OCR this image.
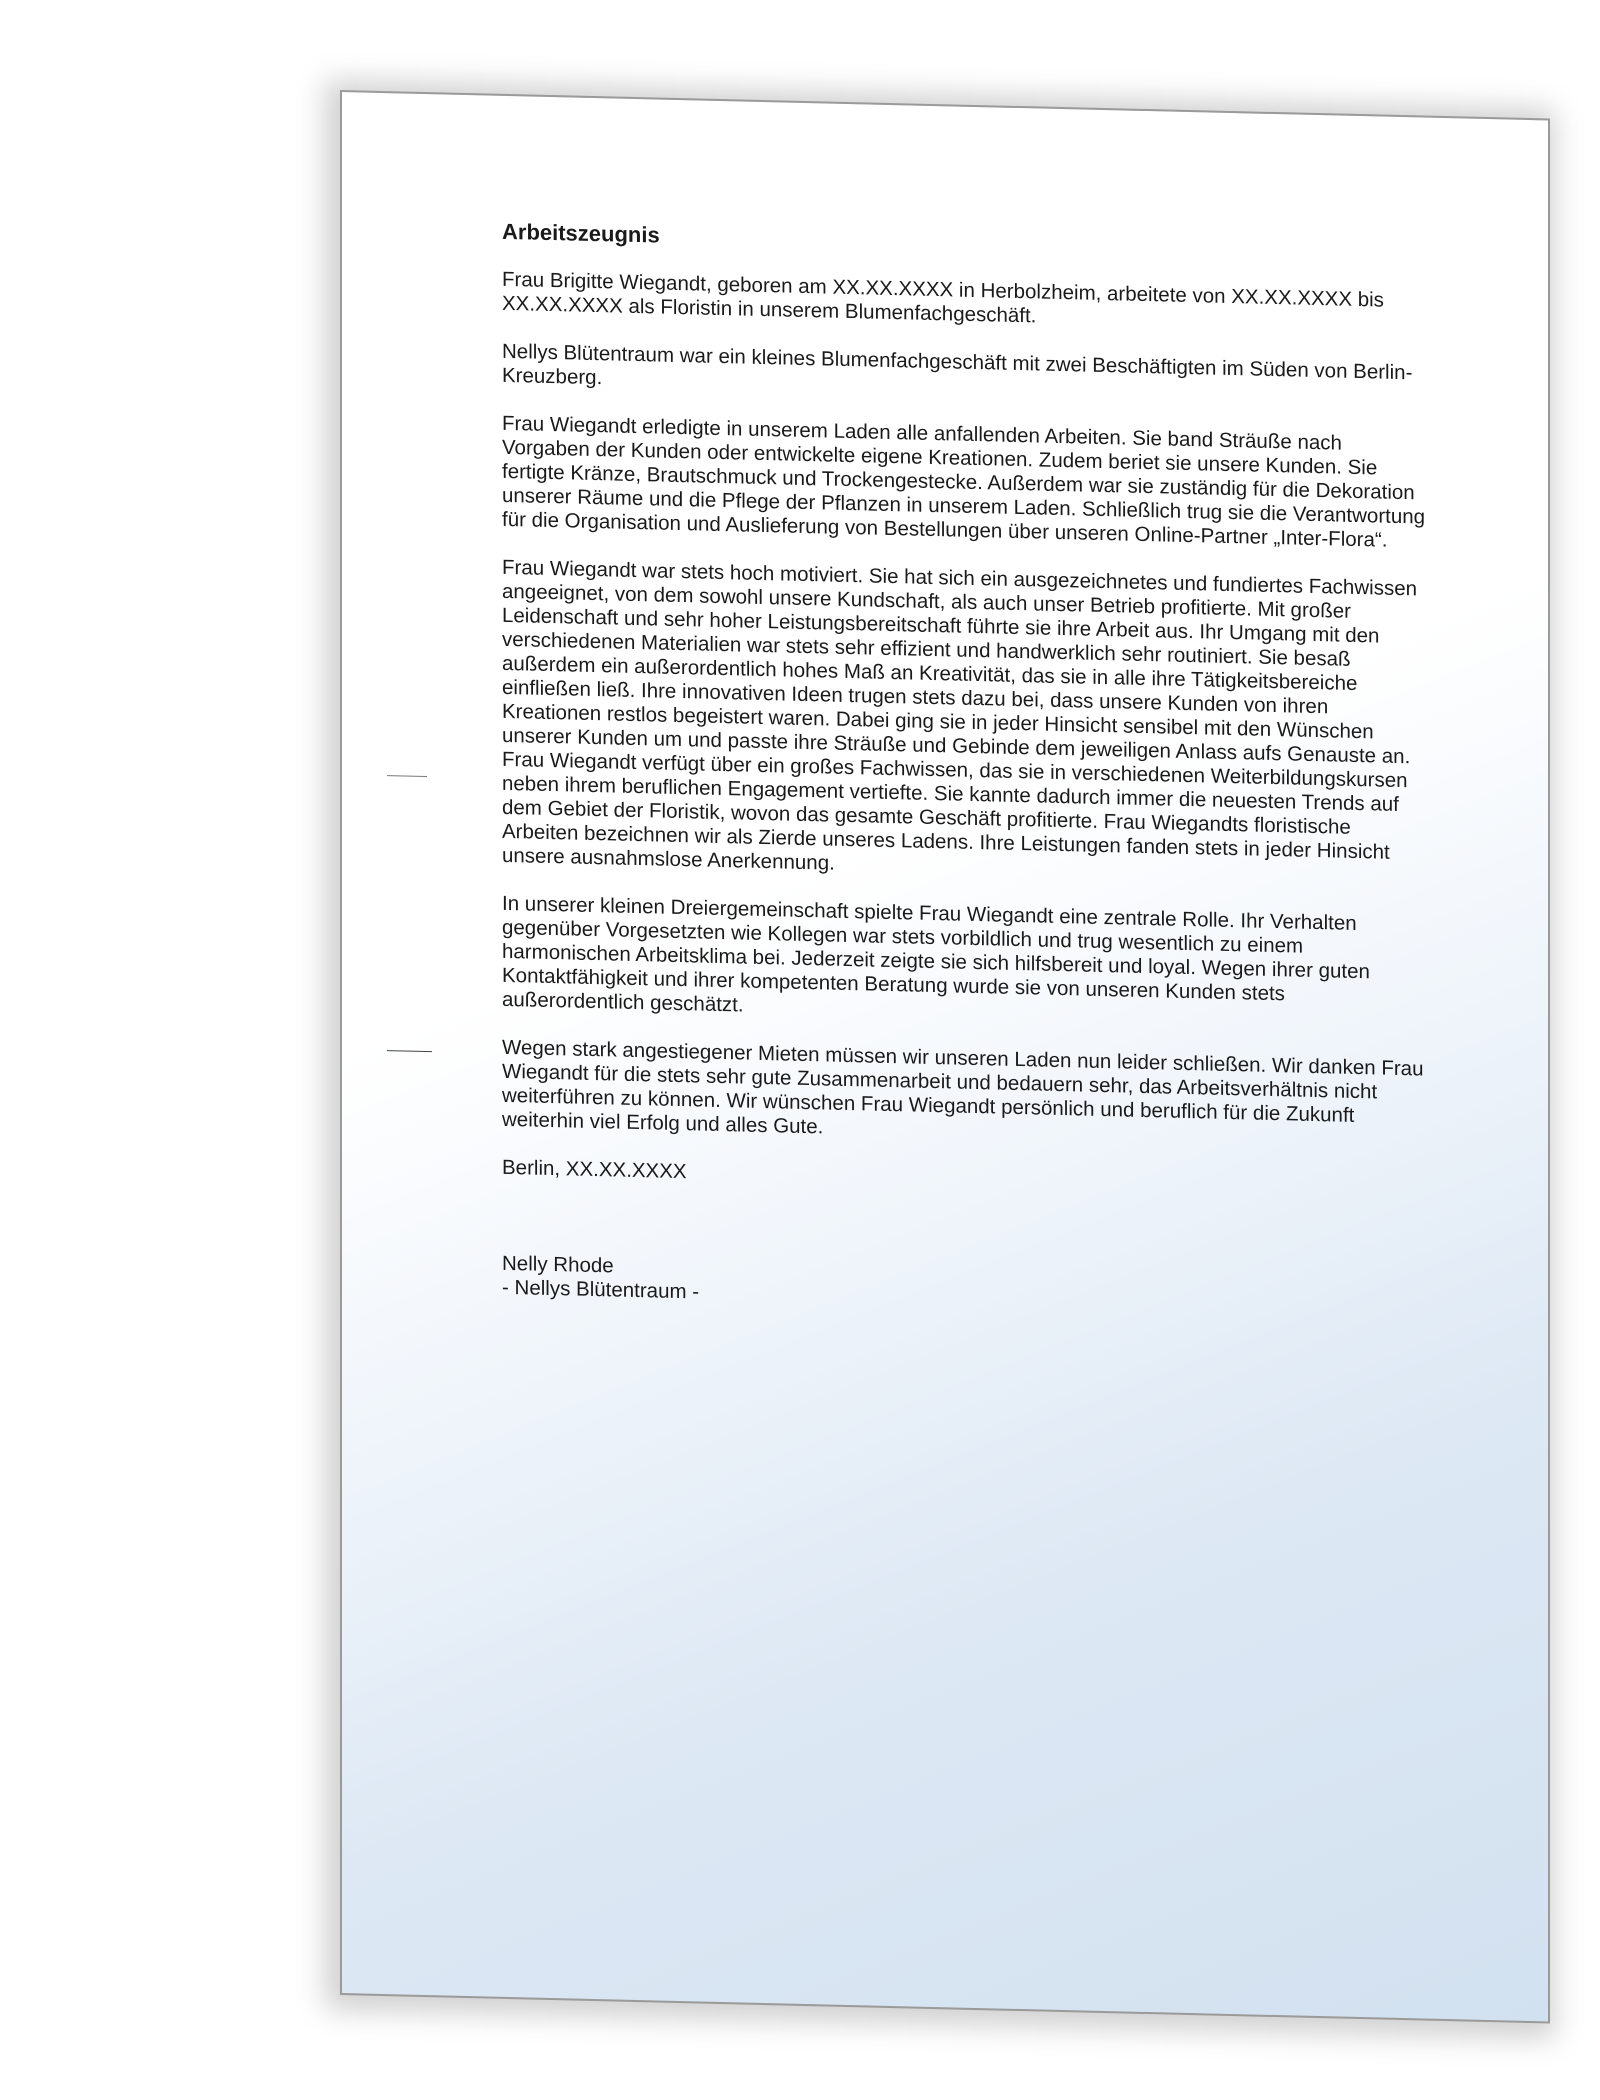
Arbeitszeugnis

Frau Brigitte Wiegandt, geboren am XX.XX.XXXX in Herbolzheim, arbeitete von XX.XX.XXXX bis XX.XX.XXXX als Floristin in unserem Blumenfachgeschäft.

Nellys Blütentraum war ein kleines Blumenfachgeschäft mit zwei Beschäftigten im Süden von Berlin-Kreuzberg.

Frau Wiegandt erledigte in unserem Laden alle anfallenden Arbeiten. Sie band Sträuße nach Vorgaben der Kunden oder entwickelte eigene Kreationen. Zudem beriet sie unsere Kunden. Sie fertigte Kränze, Brautschmuck und Trockengestecke. Außerdem war sie zuständig für die Dekoration unserer Räume und die Pflege der Pflanzen in unserem Laden. Schließlich trug sie die Verantwortung für die Organisation und Auslieferung von Bestellungen über unseren Online-Partner „Inter-Flora“.

Frau Wiegandt war stets hoch motiviert. Sie hat sich ein ausgezeichnetes und fundiertes Fachwissen angeeignet, von dem sowohl unsere Kundschaft, als auch unser Betrieb profitierte. Mit großer Leidenschaft und sehr hoher Leistungsbereitschaft führte sie ihre Arbeit aus. Ihr Umgang mit den verschiedenen Materialien war stets sehr effizient und handwerklich sehr routiniert. Sie besaß außerdem ein außerordentlich hohes Maß an Kreativität, das sie in alle ihre Tätigkeitsbereiche einfließen ließ. Ihre innovativen Ideen trugen stets dazu bei, dass unsere Kunden von ihren Kreationen restlos begeistert waren. Dabei ging sie in jeder Hinsicht sensibel mit den Wünschen unserer Kunden um und passte ihre Sträuße und Gebinde dem jeweiligen Anlass aufs Genauste an. Frau Wiegandt verfügt über ein großes Fachwissen, das sie in verschiedenen Weiterbildungskursen neben ihrem beruflichen Engagement vertiefte. Sie kannte dadurch immer die neuesten Trends auf dem Gebiet der Floristik, wovon das gesamte Geschäft profitierte. Frau Wiegandts floristische Arbeiten bezeichnen wir als Zierde unseres Ladens. Ihre Leistungen fanden stets in jeder Hinsicht unsere ausnahmslose Anerkennung.

In unserer kleinen Dreiergemeinschaft spielte Frau Wiegandt eine zentrale Rolle. Ihr Verhalten gegenüber Vorgesetzten wie Kollegen war stets vorbildlich und trug wesentlich zu einem harmonischen Arbeitsklima bei. Jederzeit zeigte sie sich hilfsbereit und loyal. Wegen ihrer guten Kontaktfähigkeit und ihrer kompetenten Beratung wurde sie von unseren Kunden stets außerordentlich geschätzt.

Wegen stark angestiegener Mieten müssen wir unseren Laden nun leider schließen. Wir danken Frau Wiegandt für die stets sehr gute Zusammenarbeit und bedauern sehr, das Arbeitsverhältnis nicht weiterführen zu können. Wir wünschen Frau Wiegandt persönlich und beruflich für die Zukunft weiterhin viel Erfolg und alles Gute.

Berlin, XX.XX.XXXX

Nelly Rhode

- Nellys Blütentraum -
